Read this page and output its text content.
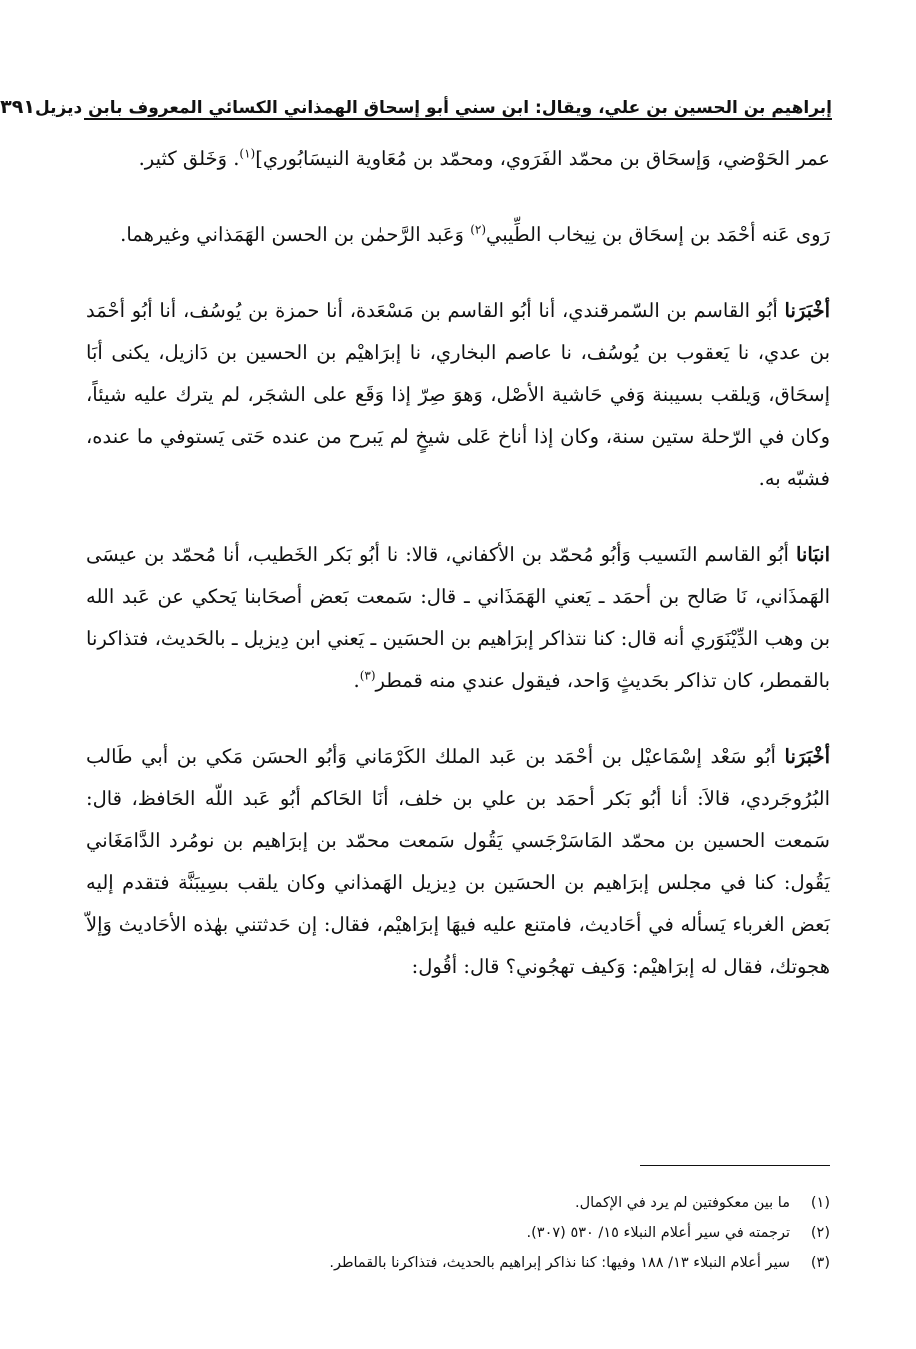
إبراهيم بن الحسين بن علي، ويقال: ابن سني أبو إسحاق الهمذاني الكسائي المعروف بابن ديزيل
٣٩١

عمر الحَوْضي، وَإسحَاق بن محمّد الفَرَوي، ومحمّد بن مُعَاوية النيسَابُوري]$^{(١)}$. وَخَلق كثير.

رَوى عَنه أحْمَد بن إسحَاق بن نِيخاب الطِّيبي$^{(٢)}$ وَعَبد الرَّحمٰن بن الحسن الهَمَذاني وغيرهما.

أخْبَرَنا أبُو القاسم بن السّمرقندي، أنا أبُو القاسم بن مَسْعَدة، أنا حمزة بن يُوسُف، أنا أبُو أحْمَد بن عدي، نا يَعقوب بن يُوسُف، نا عاصم البخاري، نا إبرَاهيْم بن الحسين بن دَازيل، يكنى أبَا إسحَاق، وَيلقب بسيبنة وَفي حَاشية الأصْل، وَهوَ صِرّ إذا وَقَع على الشجَر، لم يترك عليه شيئاً، وكان في الرّحلة ستين سنة، وكان إذا أناخ عَلى شيخٍ لم يَبرح من عنده حَتى يَستوفي ما عنده، فشبّه به.

انبَانا أبُو القاسم النَسيب وَأبُو مُحمّد بن الأكفاني، قالا: نا أبُو بَكر الخَطيب، أنا مُحمّد بن عيسَى الهَمذَاني، نَا صَالح بن أحمَد ـ يَعني الهَمَذَاني ـ قال: سَمعت بَعض أصحَابنا يَحكي عن عَبد الله بن وهب الدِّيْنَوَري أنه قال: كنا نتذاكر إبرَاهيم بن الحسَين ـ يَعني ابن دِيزيل ـ بالحَديث، فتذاكرنا بالقمطر، كان تذاكر بحَديثٍ وَاحد، فيقول عندي منه قمطر$^{(٣)}$.

أخْبَرَنا أبُو سَعْد إسْمَاعيْل بن أحْمَد بن عَبد الملك الكَرْمَاني وَأبُو الحسَن مَكي بن أبي طَالب البُرُوجَردي، قالاَ: أنا أبُو بَكر أحمَد بن علي بن خلف، أنَا الحَاكم أبُو عَبد اللّه الحَافظ، قال: سَمعت الحسين بن محمّد المَاسَرْجَسي يَقُول سَمعت محمّد بن إبرَاهيم بن نومُرد الدَّامَغَاني يَقُول: كنا في مجلس إبرَاهيم بن الحسَين بن دِيزيل الهَمذاني وكان يلقب بسِيبَنَّة فتقدم إليه بَعض الغرباء يَسأله في أحَاديث، فامتنع عليه فيهَا إبرَاهيْم، فقال: إن حَدثتني بهٰذه الأحَاديث وَإلاّ هجوتك، فقال له إبرَاهيْم: وَكيف تهجُوني؟ قال: أقُول:

(١)
ما بين معكوفتين لم يرد في الإكمال.
(٢)
ترجمته في سير أعلام النبلاء ١٥/ ٥٣٠ (٣٠٧).
(٣)
سير أعلام النبلاء ١٣/ ١٨٨ وفيها: كنا نذاكر إبراهيم بالحديث، فتذاكرنا بالقماطر.
